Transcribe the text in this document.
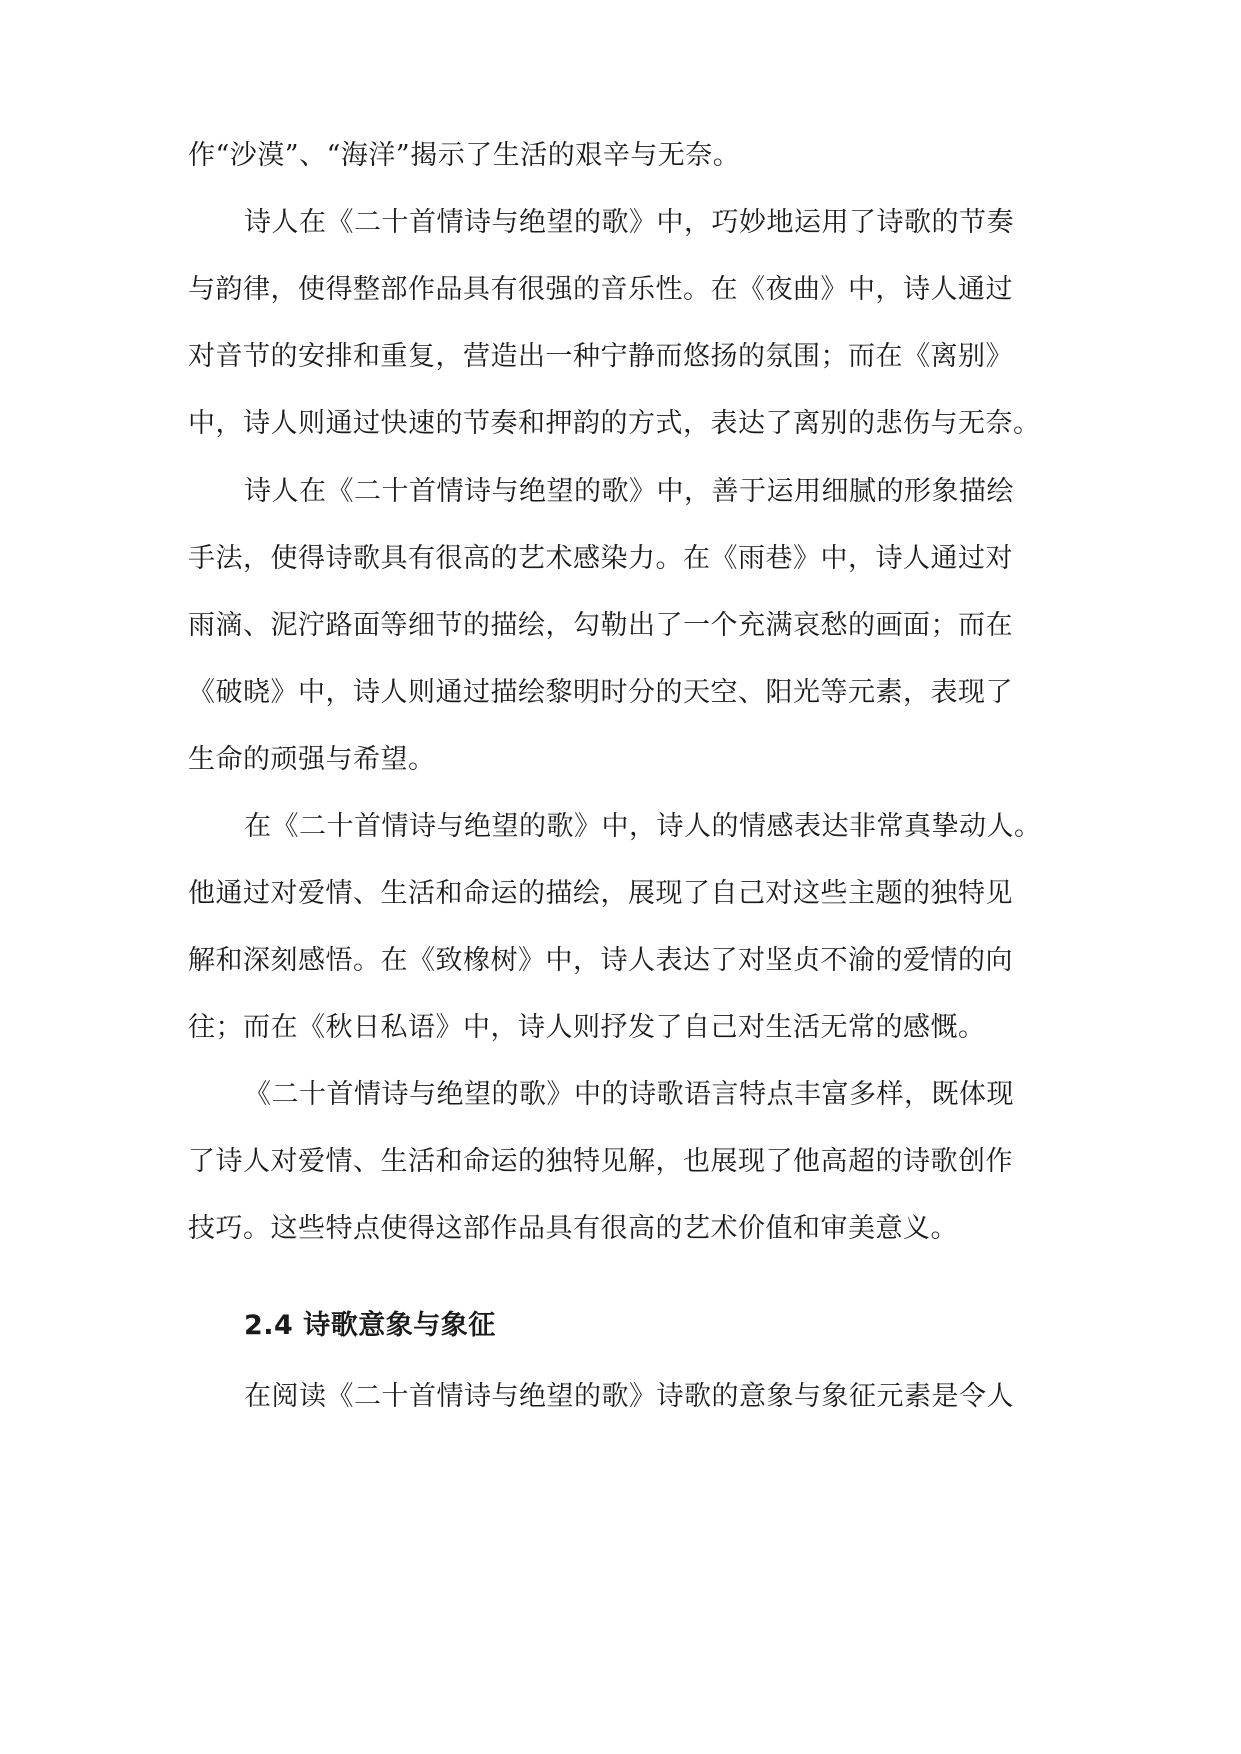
作“沙漠”、“海洋”揭示了生活的艰辛与无奈。
诗人在《二十首情诗与绝望的歌》中，巧妙地运用了诗歌的节奏
与韵律，使得整部作品具有很强的音乐性。在《夜曲》中，诗人通过
对音节的安排和重复，营造出一种宁静而悠扬的氛围；而在《离别》
中，诗人则通过快速的节奏和押韵的方式，表达了离别的悲伤与无奈。
诗人在《二十首情诗与绝望的歌》中，善于运用细腻的形象描绘
手法，使得诗歌具有很高的艺术感染力。在《雨巷》中，诗人通过对
雨滴、泥泞路面等细节的描绘，勾勒出了一个充满哀愁的画面；而在
《破晓》中，诗人则通过描绘黎明时分的天空、阳光等元素，表现了
生命的顽强与希望。
在《二十首情诗与绝望的歌》中，诗人的情感表达非常真挚动人。
他通过对爱情、生活和命运的描绘，展现了自己对这些主题的独特见
解和深刻感悟。在《致橡树》中，诗人表达了对坚贞不渝的爱情的向
往；而在《秋日私语》中，诗人则抒发了自己对生活无常的感慨。
《二十首情诗与绝望的歌》中的诗歌语言特点丰富多样，既体现
了诗人对爱情、生活和命运的独特见解，也展现了他高超的诗歌创作
技巧。这些特点使得这部作品具有很高的艺术价值和审美意义。
2.4 诗歌意象与象征
在阅读《二十首情诗与绝望的歌》诗歌的意象与象征元素是令人
